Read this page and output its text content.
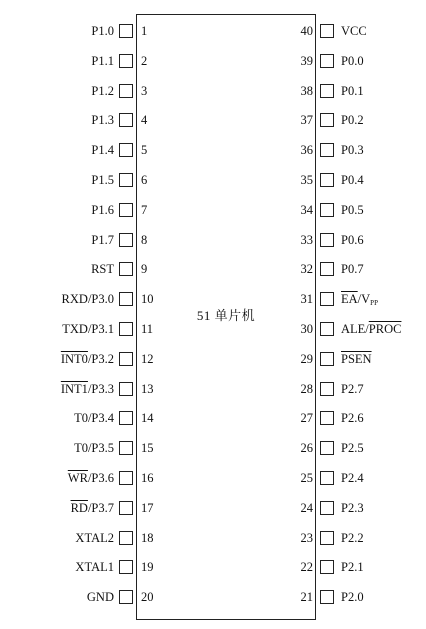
51 单片机
1
P1.0
2
P1.1
3
P1.2
4
P1.3
5
P1.4
6
P1.5
7
P1.6
8
P1.7
9
RST
10
RXD/P3.0
11
TXD/P3.1
12
INT0/P3.2
13
INT1/P3.3
14
T0/P3.4
15
T0/P3.5
16
$\overline{WR}/P3.6$
17
$\overline{RD}/P3.7$
18
XTAL2
19
XTAL1
20
GND
40 VCC
39 P0.0
38 P0.1
37 P0.2
36 P0.3
35 P0.4
34 P0.5
33 P0.6
32 P0.7
31 $\overline{EA}/V_{PP}$
30 ALE/PROC
29 PSEN
28 P2.7
27 P2.6
26 P2.5
25 P2.4
24 P2.3
23 P2.2
22 P2.1
21 P2.0
